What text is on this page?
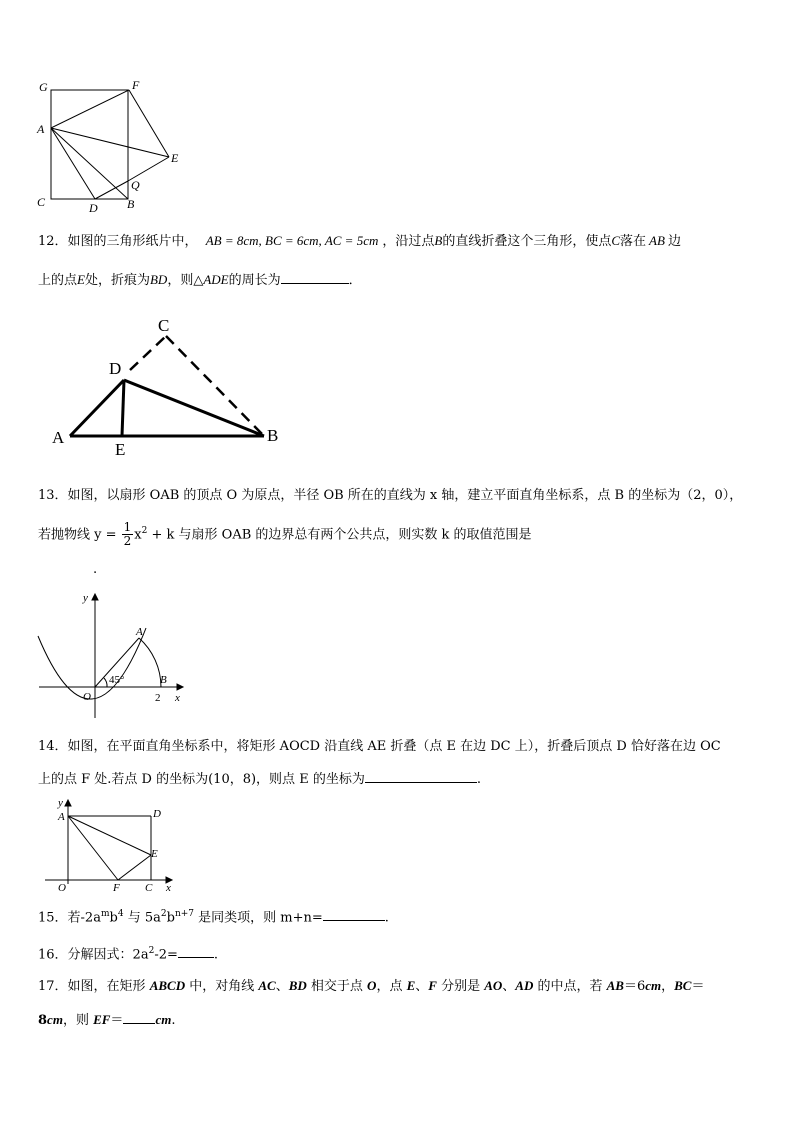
G	F
A
E
Q
C	D B
12．如图的三角形纸片中， AB = 8cm, BC = 6cm, AC = 5cm ，沿过点B的直线折叠这个三角形，使点C落在 AB 边
上的点E处，折痕为BD，则△ADE的周长为	．
C
D
A
E
B
13．如图，以扇形 OAB 的顶点 O 为原点，半径 OB 所在的直线为 x 轴，建立平面直角坐标系，点 B 的坐标为（2，0），
若抛物线 $y = \frac{1}{2} x^2 + k$ 与扇形 OAB 的边界总有两个公共点，则实数 k 的取值范围是
.
y
A
45°
O
B
2 x
14．如图，在平面直角坐标系中，将矩形 AOCD 沿直线 AE 折叠（点 E 在边 DC 上），折叠后顶点 D 恰好落在边 OC
上的点 F 处.若点 D 的坐标为(10，8)，则点 E 的坐标为	.
y
A	D
E
O	F C x
15．若$-2a^mb^4$ 与 $5a^2b^{n+7}$ 是同类项，则 m+n=	.
16．分解因式：$2a^2-2=$	.
17．如图，在矩形 ABCD 中，对角线 AC、BD 相交于点 O，点 E、F 分别是 AO、AD 的中点，若 AB＝6cm，BC＝
8cm，则 EF＝ cm.
